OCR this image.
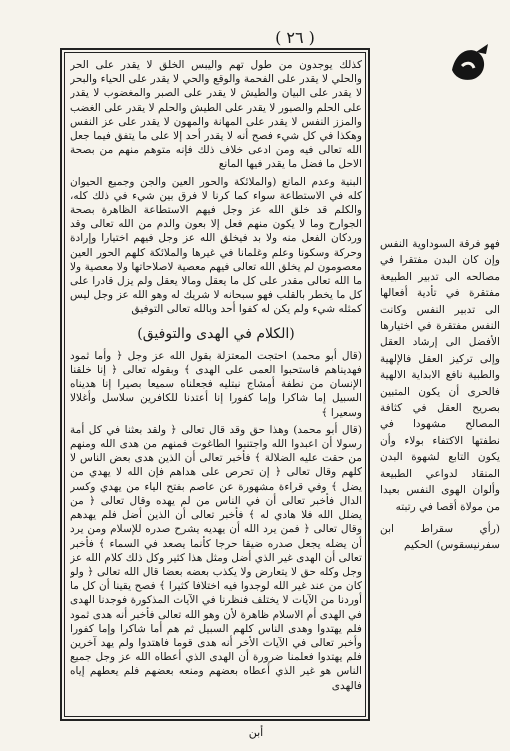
( ٢٦ )

كذلك يوجدون من طول تهم واليبس الخلق لا يقدر على الحر والحلي لا يقدر على الفحمة والوقع والحي لا يقدر على الحياء والبحر لا يقدر على البيان والطيش لا يقدر على الصبر والمغضوب لا يقدر على الحلم والصبور لا يقدر على الطيش والحلم لا يقدر على الغضب والمزز النفس لا يقدر على المهانة والمهون لا يقدر على عز النفس وهكذا في كل شيء فصح أنه لا يقدر أحد إلا على ما يتفق فيما جعل الله تعالى فيه ومن ادعى خلاف ذلك فإنه متوهم منهم من بصحة الاحل ما فضل ما يقدر فيها المانع

البنية وعدم المانع (والملائكة والحور العين والجن وجميع الحيوان كله في الاستطاعة سواء كما كرنا لا فرق بين شيء في ذلك كله، والكلم قد خلق الله عز وجل فيهم الاستطاعة الظاهرة بصحة الجوارح وما لا يكون منهم فعل إلا بعون والدم من الله تعالى وقد وردكان الفعل منه ولا بد فيخلق الله عز وجل فيهم اختيارا وإرادة وحركة وسكونا وعلم وغلمانا في غيرها والملائكة كلهم الحور العين معصومون لم يخلق الله تعالى فيهم معصية لاصلاحاتها ولا معصية ولا ما الله تعالى مقدر على كل ما يعقل ومالا يعقل ولم يزل قادرا على كل ما يخطر بالقلب فهو سبحانه لا شريك له وهو الله عز وجل ليس كمثله شيء ولم يكن له كفوا أحد وبالله تعالى التوفيق

(الكلام في الهدى والتوفيق)

(قال أبو محمد) احتجت المعتزلة بقول الله عز وجل ﴿ وأما ثمود فهديناهم فاستحبوا العمى على الهدى ﴾ وبقوله تعالى ﴿ إنا خلقنا الإنسان من نطفة أمشاج نبتليه فجعلناه سميعا بصيرا إنا هديناه السبيل إما شاكرا وإما كفورا إنا أعتدنا للكافرين سلاسل وأغلالا وسعيرا ﴾

(قال أبو محمد) وهذا حق وقد قال تعالى ﴿ ولقد بعثنا في كل أمة رسولا أن اعبدوا الله واجتنبوا الطاغوت فمنهم من هدى الله ومنهم من حقت عليه الضلالة ﴾ فأخبر تعالى أن الذين هدى بعض الناس لا كلهم وقال تعالى ﴿ إن تحرص على هداهم فإن الله لا يهدي من يضل ﴾ وفي قراءة مشهورة عن عاصم بفتح الياء من يهدي وكسر الدال فأخبر تعالى أن في الناس من لم يهده وقال تعالى ﴿ من يضلل الله فلا هادي له ﴾ فأخبر تعالى أن الذين أضل فلم يهدهم وقال تعالى ﴿ فمن يرد الله أن يهديه يشرح صدره للإسلام ومن يرد أن يضله يجعل صدره ضيقا حرجا كأنما يصعد في السماء ﴾ فأخبر تعالى أن الهدى غير الذي أضل ومثل هذا كثير وكل ذلك كلام الله عز وجل وكله حق لا يتعارض ولا يكذب بعضه بعضا قال الله تعالى ﴿ ولو كان من عند غير الله لوجدوا فيه اختلافا كثيرا ﴾ فصح يقينا أن كل ما أوردنا من الآيات لا يختلف فنظرنا في الآيات المذكورة فوجدنا الهدى في الهدى أم الاسلام ظاهرة لأن وهو الله تعالى فأخبر أنه هدى ثمود فلم يهتدوا وهدى الناس كلهم السبيل ثم هم أما شاكرا وإما كفورا وأخبر تعالى في الآيات الأخر أنه هدى قوما فاهتدوا ولم يهد آخرين فلم يهتدوا فعلمنا ضرورة أن الهدى الذي أعطاه الله عز وجل جميع الناس هو غير الذي أعطاه بعضهم ومنعه بعضهم فلم يعطهم إياه فالهدى

فهو فرقة السوداوية النفس وإن كان البدن مفتقرا في مصالحه الى تدبير الطبيعة مفتقرة في تأدية أفعالها الى تدبير النفس وكانت النفس مفتقرة في اختيارها الأفضل الى إرشاد العقل وإلى تركيز العقل فالإلهية والطبية نافع الابداية الالهية فالحرى أن يكون المتبين بصريح العقل في كثافة المصالح مشهودا في نطفتها الاكتفاء بولاء وأن يكون التابع لشهوة البدن المنقاد لدواعي الطبيعة وألوان الهوى النفس بعيدا من مولاة أقصا في رتبته

(رأي سقراط ابن سفرنيسقوس) الحكيم

أبن
